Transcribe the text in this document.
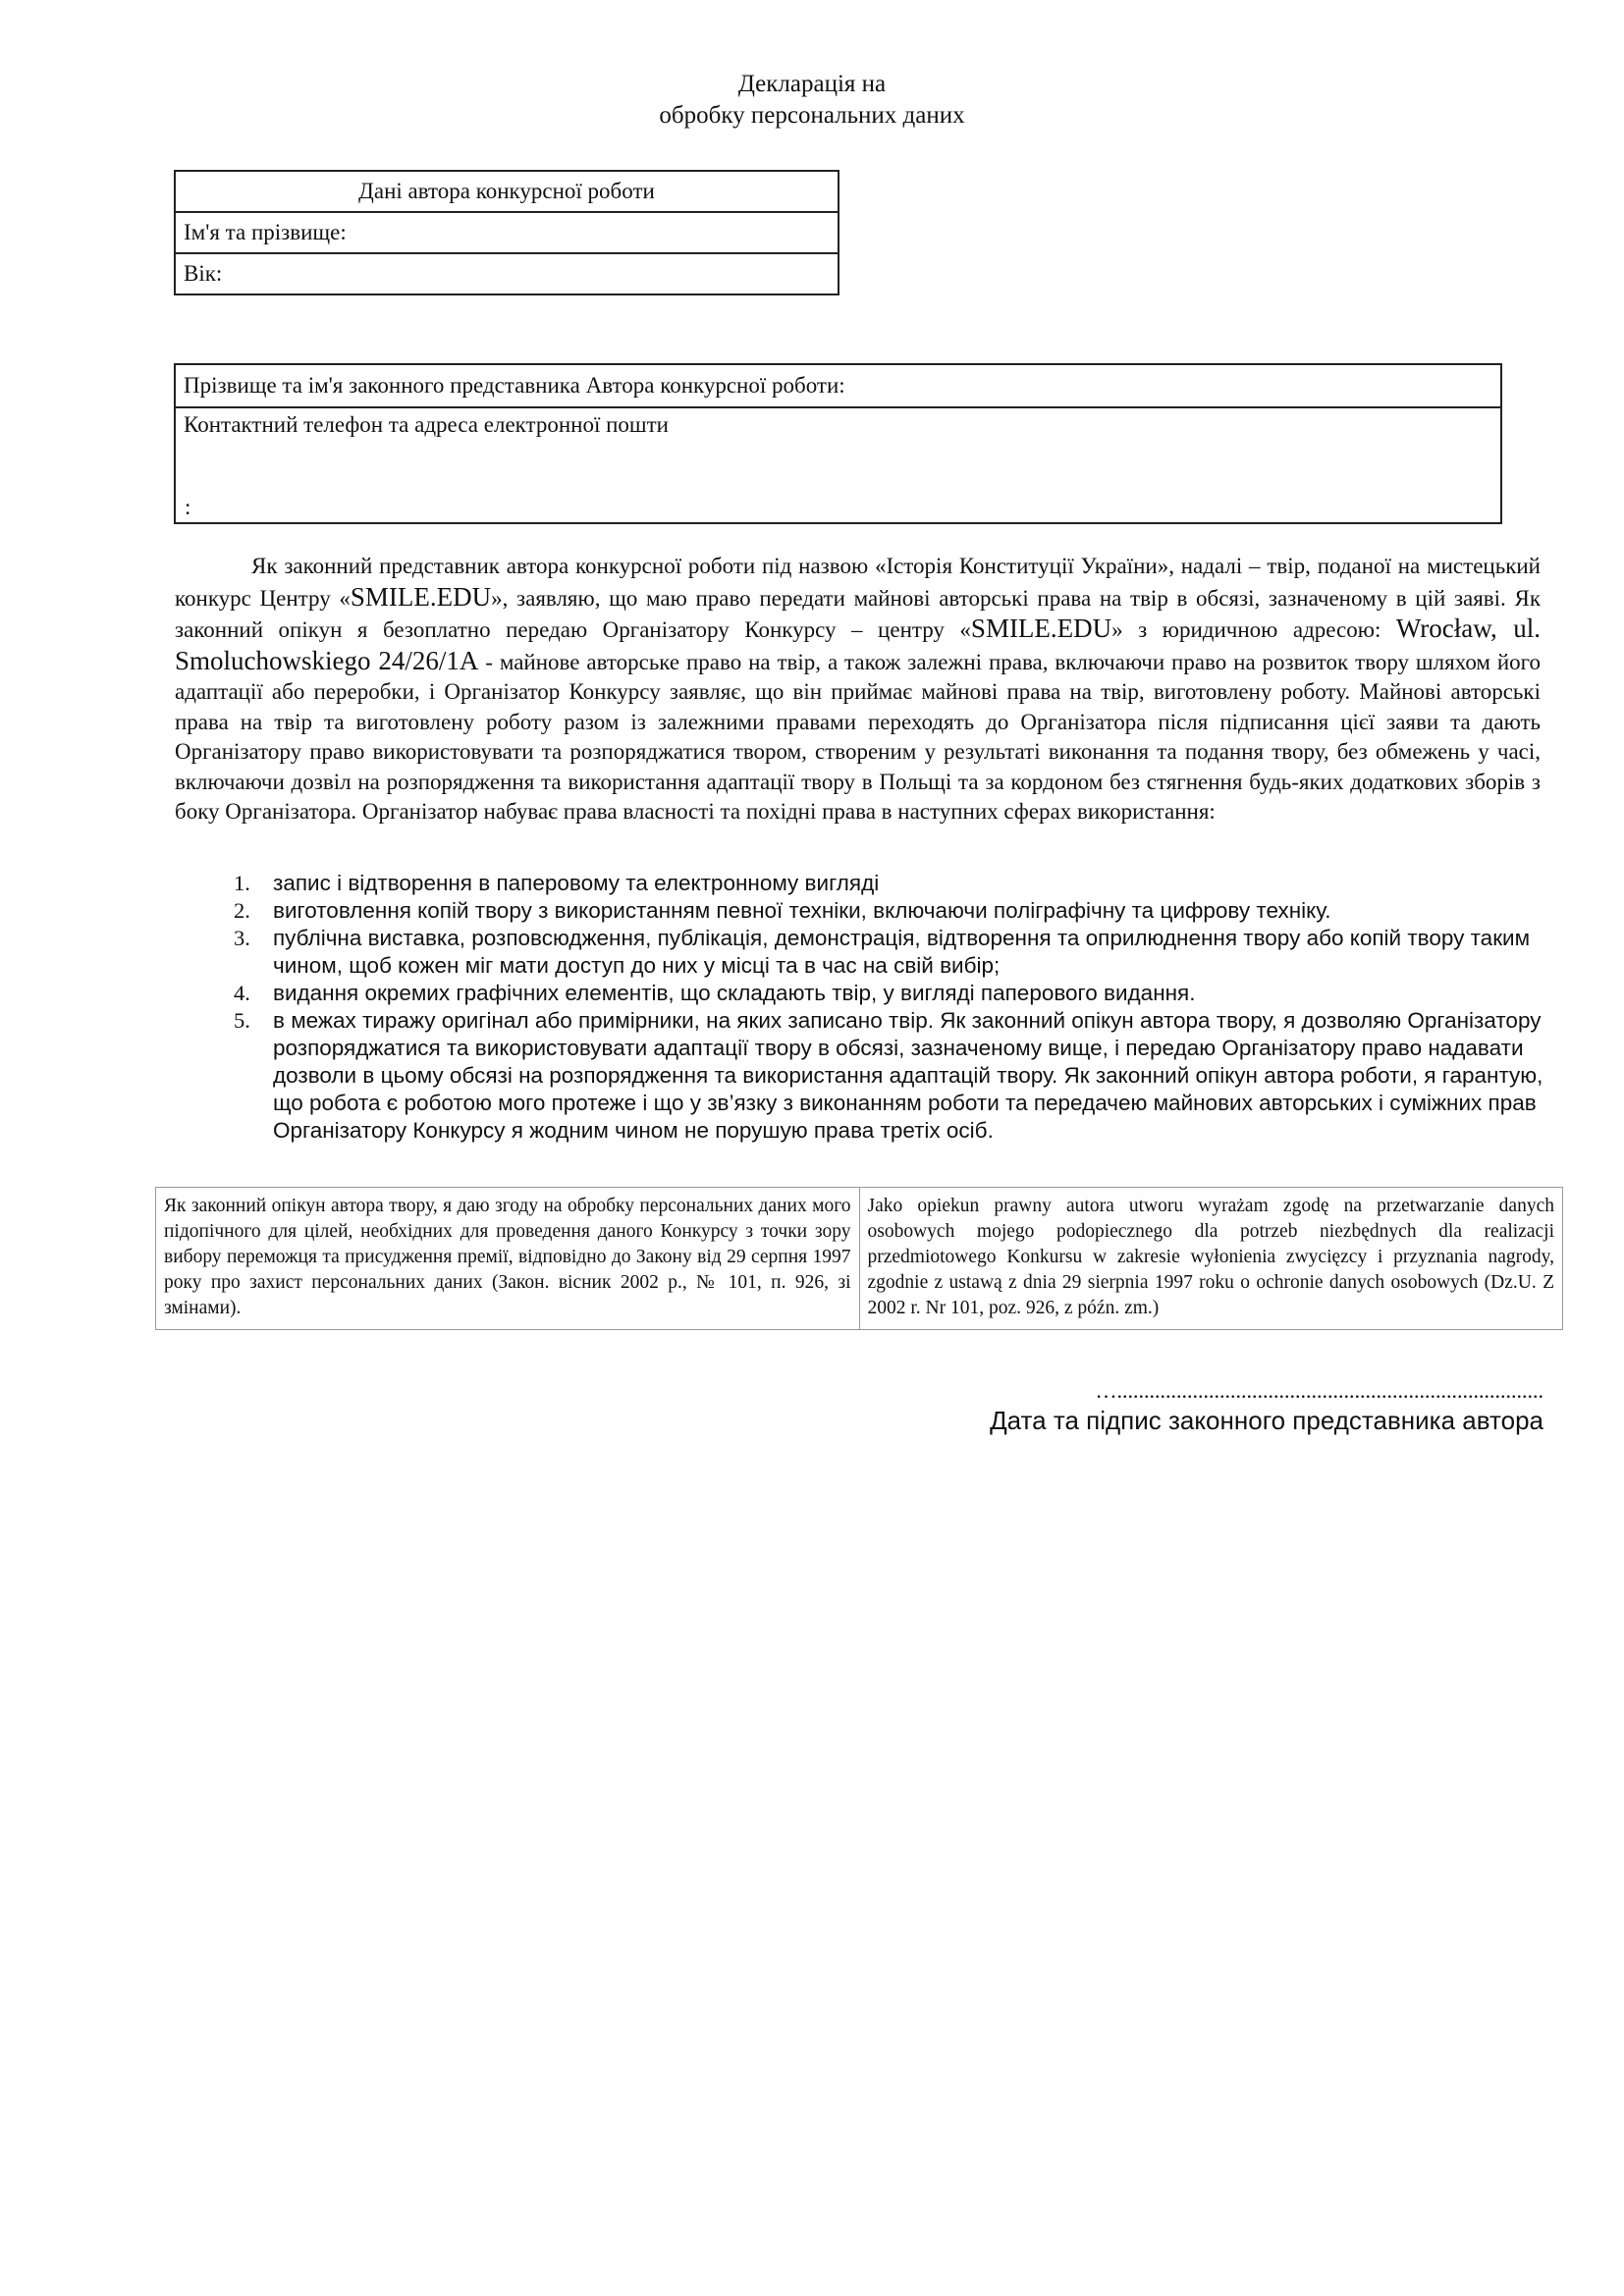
Декларація на
обробку персональних даних
Дані автора конкурсної роботи
Ім'я та прізвище:
Вік:
Прізвище та ім'я законного представника Автора конкурсної роботи:
Контактний телефон та адреса електронної пошти
:

Як законний представник автора конкурсної роботи під назвою «Історія Конституції України», надалі – твір, поданої на мистецький конкурс Центру «SMILE.EDU», заявляю, що маю право передати майнові авторські права на твір в обсязі, зазначеному в цій заяві. Як законний опікун я безоплатно передаю Організатору Конкурсу – центру «SMILE.EDU» з юридичною адресою: Wrocław, ul. Smoluchowskiego 24/26/1A - майнове авторське право на твір, а також залежні права, включаючи право на розвиток твору шляхом його адаптації або переробки, і Організатор Конкурсу заявляє, що він приймає майнові права на твір, виготовлену роботу. Майнові авторські права на твір та виготовлену роботу разом із залежними правами переходять до Організатора після підписання цієї заяви та дають Організатору право використовувати та розпоряджатися твором, створеним у результаті виконання та подання твору, без обмежень у часі, включаючи дозвіл на розпорядження та використання адаптації твору в Польщі та за кордоном без стягнення будь-яких додаткових зборів з боку Організатора. Організатор набуває права власності та похідні права в наступних сферах використання:

1. запис і відтворення в паперовому та електронному вигляді
2. виготовлення копій твору з використанням певної техніки, включаючи поліграфічну та цифрову техніку.
3. публічна виставка, розповсюдження, публікація, демонстрація, відтворення та оприлюднення твору або копій твору таким чином, щоб кожен міг мати доступ до них у місці та в час на свій вибір;
4. видання окремих графічних елементів, що складають твір, у вигляді паперового видання.
5. в межах тиражу оригінал або примірники, на яких записано твір. Як законний опікун автора твору, я дозволяю Організатору розпоряджатися та використовувати адаптації твору в обсязі, зазначеному вище, і передаю Організатору право надавати дозволи в цьому обсязі на розпорядження та використання адаптацій твору. Як законний опікун автора роботи, я гарантую, що робота є роботою мого протеже і що у зв’язку з виконанням роботи та передачею майнових авторських і суміжних прав Організатору Конкурсу я жодним чином не порушую права третіх осіб.
Як законний опікун автора твору, я даю згоду на обробку персональних даних мого підопічного для цілей, необхідних для проведення даного Конкурсу з точки зору вибору переможця та присудження премії, відповідно до Закону від 29 серпня 1997 року про захист персональних даних (Закон. вісник 2002 р., № 101, п. 926, зі змінами).	Jako opiekun prawny autora utworu wyrażam zgodę na przetwarzanie danych osobowych mojego podopiecznego dla potrzeb niezbędnych dla realizacji przedmiotowego Konkursu w zakresie wyłonienia zwycięzcy i przyznania nagrody, zgodnie z ustawą z dnia 29 sierpnia 1997 roku o ochronie danych osobowych (Dz.U. Z 2002 r. Nr 101, poz. 926, z późn. zm.)
…...............................................................................
Дата та підпис законного представника автора
